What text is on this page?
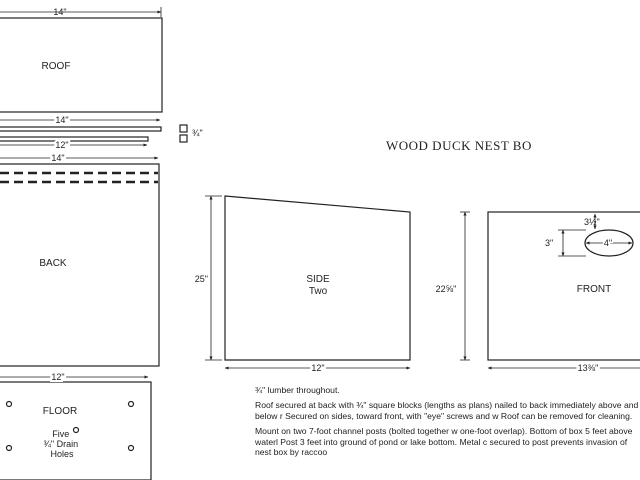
WOOD DUCK NEST BO
14"
ROOF
14"
12"
¾"
14"
BACK
25"
12"
FLOOR
Five ¾" Drain Holes
SIDE
Two	22⅝"
12"
FRONT
3½"
3"	4"
13⅜"

¾" lumber throughout.

Roof secured at back with ¾" square blocks (lengths as plans) nailed to back immediately above and below r Secured on sides, toward front, with "eye" screws and w Roof can be removed for cleaning.

Mount on two 7-foot channel posts (bolted together w one-foot overlap). Bottom of box 5 feet above waterl Post 3 feet into ground of pond or lake bottom. Metal c secured to post prevents invasion of nest box by raccoo
